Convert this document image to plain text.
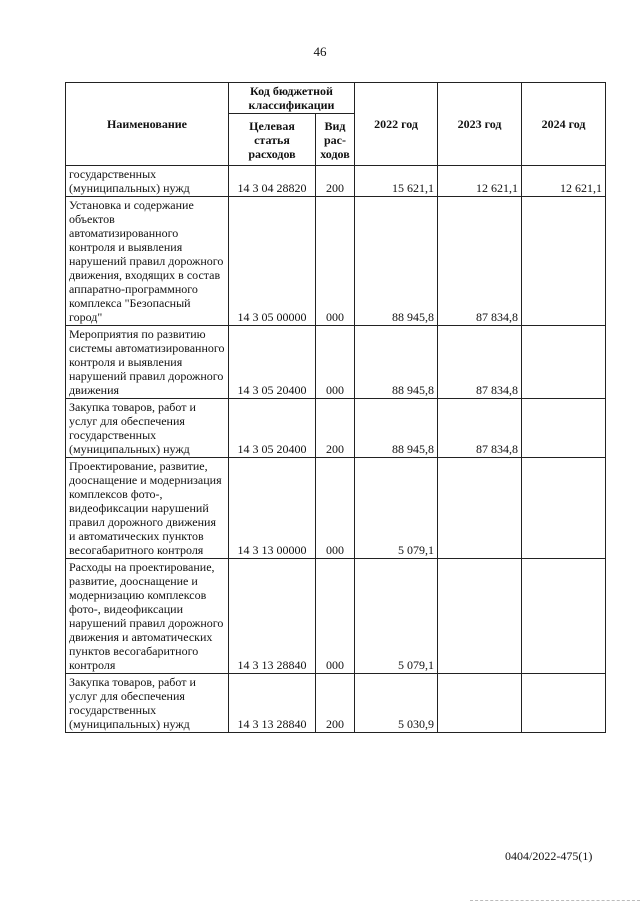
46
Наименование	Код бюджетной классификации		2022 год	2023 год	2024 год
	Целевая статья расходов	Вид рас- ходов			
государственных (муниципальных) нужд	14 3 04 28820	200	15 621,1	12 621,1	12 621,1
Установка и содержание объектов автоматизированного контроля и выявления нарушений правил дорожного движения, входящих в состав аппаратно-программного комплекса "Безопасный город"	14 3 05 00000	000	88 945,8	87 834,8	
Мероприятия по развитию системы автоматизированного контроля и выявления нарушений правил дорожного движения	14 3 05 20400	000	88 945,8	87 834,8	
Закупка товаров, работ и услуг для обеспечения государственных (муниципальных) нужд	14 3 05 20400	200	88 945,8	87 834,8	
Проектирование, развитие, дооснащение и модернизация комплексов фото-, видеофиксации нарушений правил дорожного движения и автоматических пунктов весогабаритного контроля	14 3 13 00000	000	5 079,1		
Расходы на проектирование, развитие, дооснащение и модернизацию комплексов фото-, видеофиксации нарушений правил дорожного движения и автоматических пунктов весогабаритного контроля	14 3 13 28840	000	5 079,1		
Закупка товаров, работ и услуг для обеспечения государственных (муниципальных) нужд	14 3 13 28840	200	5 030,9		
0404/2022-475(1)
